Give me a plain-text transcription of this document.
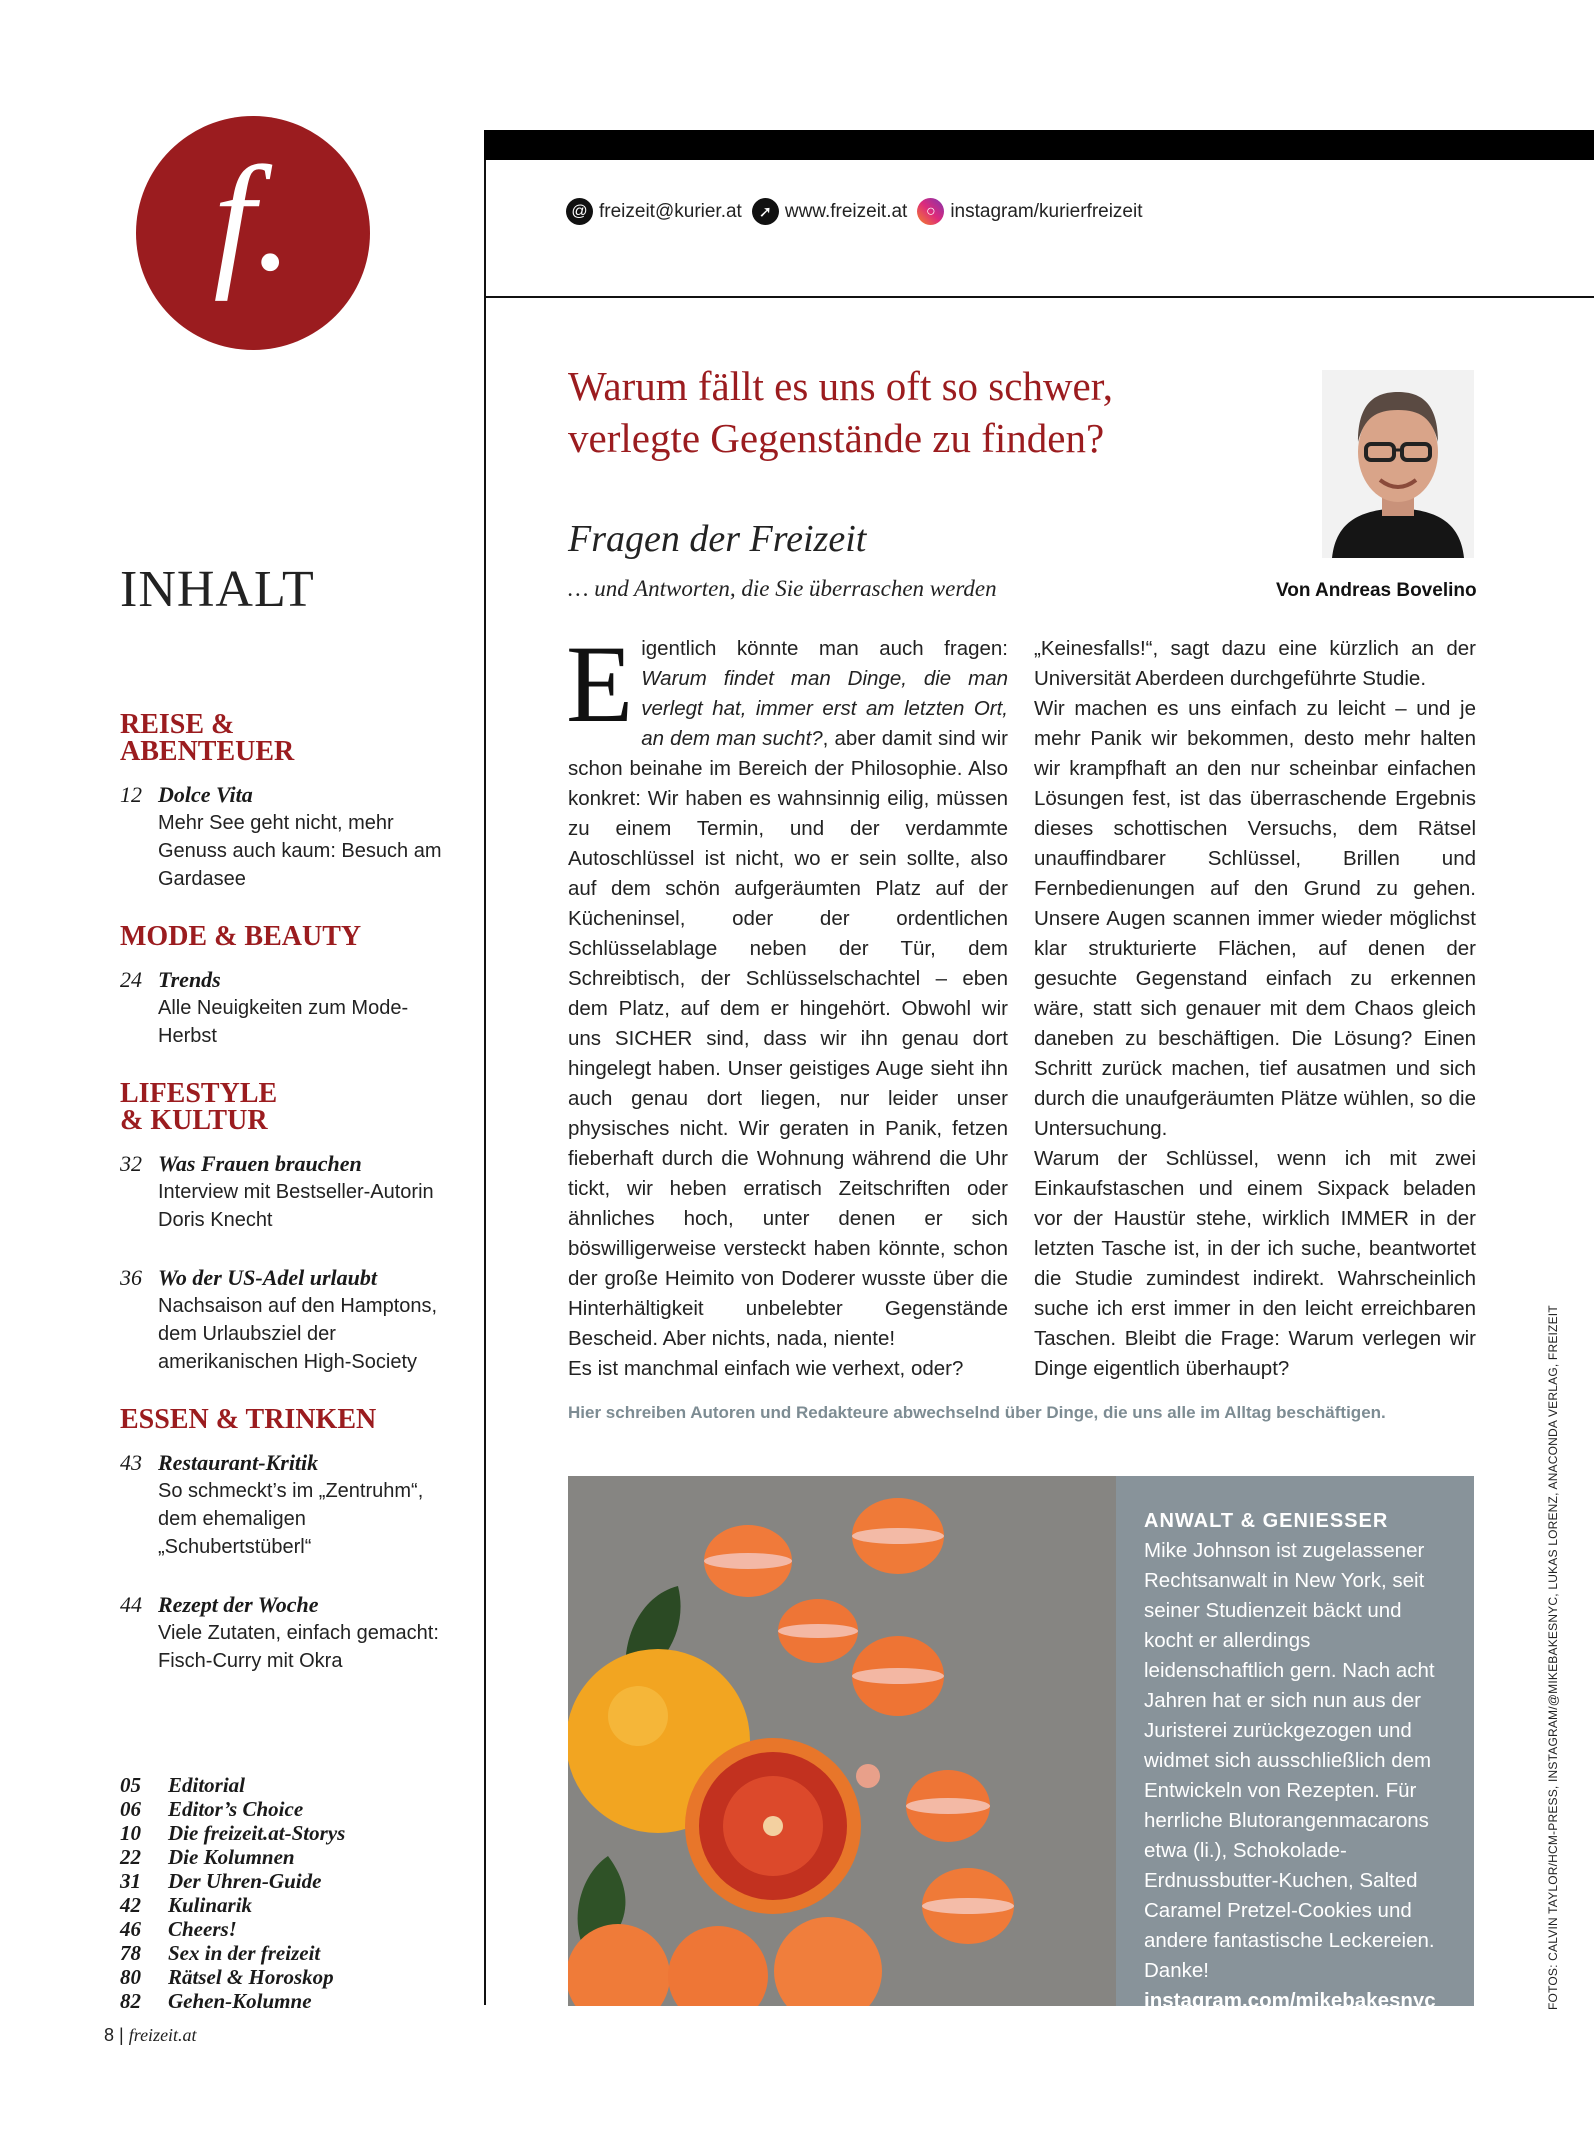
f.
INHALT
REISE &
ABENTEUER
12 Dolce Vita
Mehr See geht nicht, mehr Genuss auch kaum: Besuch am Gardasee
MODE & BEAUTY
24 Trends
Alle Neuigkeiten zum Mode-Herbst
LIFESTYLE
& KULTUR
32 Was Frauen brauchen
Interview mit Bestseller-Autorin Doris Knecht
36 Wo der US-Adel urlaubt
Nachsaison auf den Hamptons, dem Urlaubsziel der amerikanischen High-Society
ESSEN & TRINKEN
43 Restaurant-Kritik
So schmeckt’s im „Zentruhm“, dem ehemaligen „Schubertstüberl“
44 Rezept der Woche
Viele Zutaten, einfach gemacht: Fisch-Curry mit Okra
05	Editorial
06	Editor’s Choice
10	Die freizeit.at-Storys
22	Die Kolumnen
31	Der Uhren-Guide
42	Kulinarik
46	Cheers!
78	Sex in der freizeit
80	Rätsel & Horoskop
82	Gehen-Kolumne
8 | freizeit.at
@ freizeit@kurier.at	➚ www.freizeit.at	○ instagram/kurierfreizeit
Warum fällt es uns oft so schwer,
verlegte Gegenstände zu finden?
Fragen der Freizeit
… und Antworten, die Sie überraschen werden	Von Andreas Bovelino

Eigentlich könnte man auch fragen: Warum findet man Dinge, die man verlegt hat, immer erst am letzten Ort, an dem man sucht?, aber damit sind wir schon beinahe im Bereich der Philosophie. Also konkret: Wir haben es wahnsinnig eilig, müssen zu einem Termin, und der verdammte Autoschlüssel ist nicht, wo er sein sollte, also auf dem schön aufgeräumten Platz auf der Kücheninsel, oder der ordentlichen Schlüsselablage neben der Tür, dem Schreibtisch, der Schlüsselschachtel – eben dem Platz, auf dem er hingehört. Obwohl wir uns SICHER sind, dass wir ihn genau dort hingelegt haben. Unser geistiges Auge sieht ihn auch genau dort liegen, nur leider unser physisches nicht. Wir geraten in Panik, fetzen fieberhaft durch die Wohnung während die Uhr tickt, wir heben erratisch Zeitschriften oder ähnliches hoch, unter denen er sich böswilligerweise versteckt haben könnte, schon der große Heimito von Doderer wusste über die Hinterhältigkeit unbelebter Gegenstände Bescheid. Aber nichts, nada, niente!

Es ist manchmal einfach wie verhext, oder?

„Keinesfalls!“, sagt dazu eine kürzlich an der Universität Aberdeen durchgeführte Studie.

Wir machen es uns einfach zu leicht – und je mehr Panik wir bekommen, desto mehr halten wir krampfhaft an den nur scheinbar einfachen Lösungen fest, ist das überraschende Ergebnis dieses schottischen Versuchs, dem Rätsel unauffindbarer Schlüssel, Brillen und Fernbedienungen auf den Grund zu gehen. Unsere Augen scannen immer wieder möglichst klar strukturierte Flächen, auf denen der gesuchte Gegenstand einfach zu erkennen wäre, statt sich genauer mit dem Chaos gleich daneben zu beschäftigen. Die Lösung? Einen Schritt zurück machen, tief ausatmen und sich durch die unaufgeräumten Plätze wühlen, so die Untersuchung.

Warum der Schlüssel, wenn ich mit zwei Einkaufstaschen und einem Sixpack beladen vor der Haustür stehe, wirklich IMMER in der letzten Tasche ist, in der ich suche, beantwortet die Studie zumindest indirekt. Wahrscheinlich suche ich erst immer in den leicht erreichbaren Taschen. Bleibt die Frage: Warum verlegen wir Dinge eigentlich überhaupt?

Hier schreiben Autoren und Redakteure abwechselnd über Dinge, die uns alle im Alltag beschäftigen.
ANWALT & GENIESSER
Mike Johnson ist zugelassener Rechtsanwalt in New York, seit seiner Studienzeit bäckt und kocht er allerdings leidenschaftlich gern. Nach acht Jahren hat er sich nun aus der Juristerei zurückgezogen und widmet sich ausschließlich dem Entwickeln von Rezepten. Für herrliche Blutorangenmacarons etwa (li.), Schokolade-Erdnussbutter-Kuchen, Salted Caramel Pretzel-Cookies und andere fantastische Leckereien. Danke!
instagram.com/mikebakesnyc	FOTOS: CALVIN TAYLOR/HCM-PRESS, INSTAGRAM/@MIKEBAKESNYC, LUKAS LORENZ, ANACONDA VERLAG, FREIZEIT
